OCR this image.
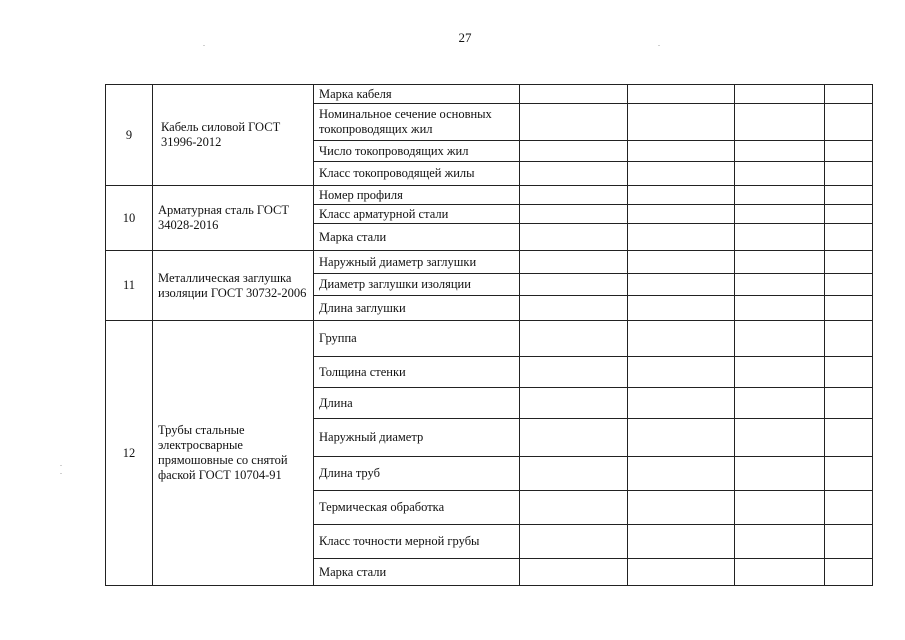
27
9	Кабель силовой ГОСТ 31996-2012	Марка кабеля				
		Номинальное сечение основных токопроводящих жил				
		Число токопроводящих жил				
		Класс токопроводящей жилы				
10	Арматурная сталь ГОСТ 34028-2016	Номер профиля				
		Класс арматурной стали				
		Марка стали				
11	Металлическая заглушка изоляции ГОСТ 30732-2006	Наружный диаметр заглушки				
		Диаметр заглушки изоляции				
		Длина заглушки				
12	Трубы стальные электросварные прямошовные со снятой фаской ГОСТ 10704-91	Группа				
		Толщина стенки				
		Длина				
		Наружный диаметр				
		Длина труб				
		Термическая обработка				
		Класс точности мерной грубы				
		Марка стали				
